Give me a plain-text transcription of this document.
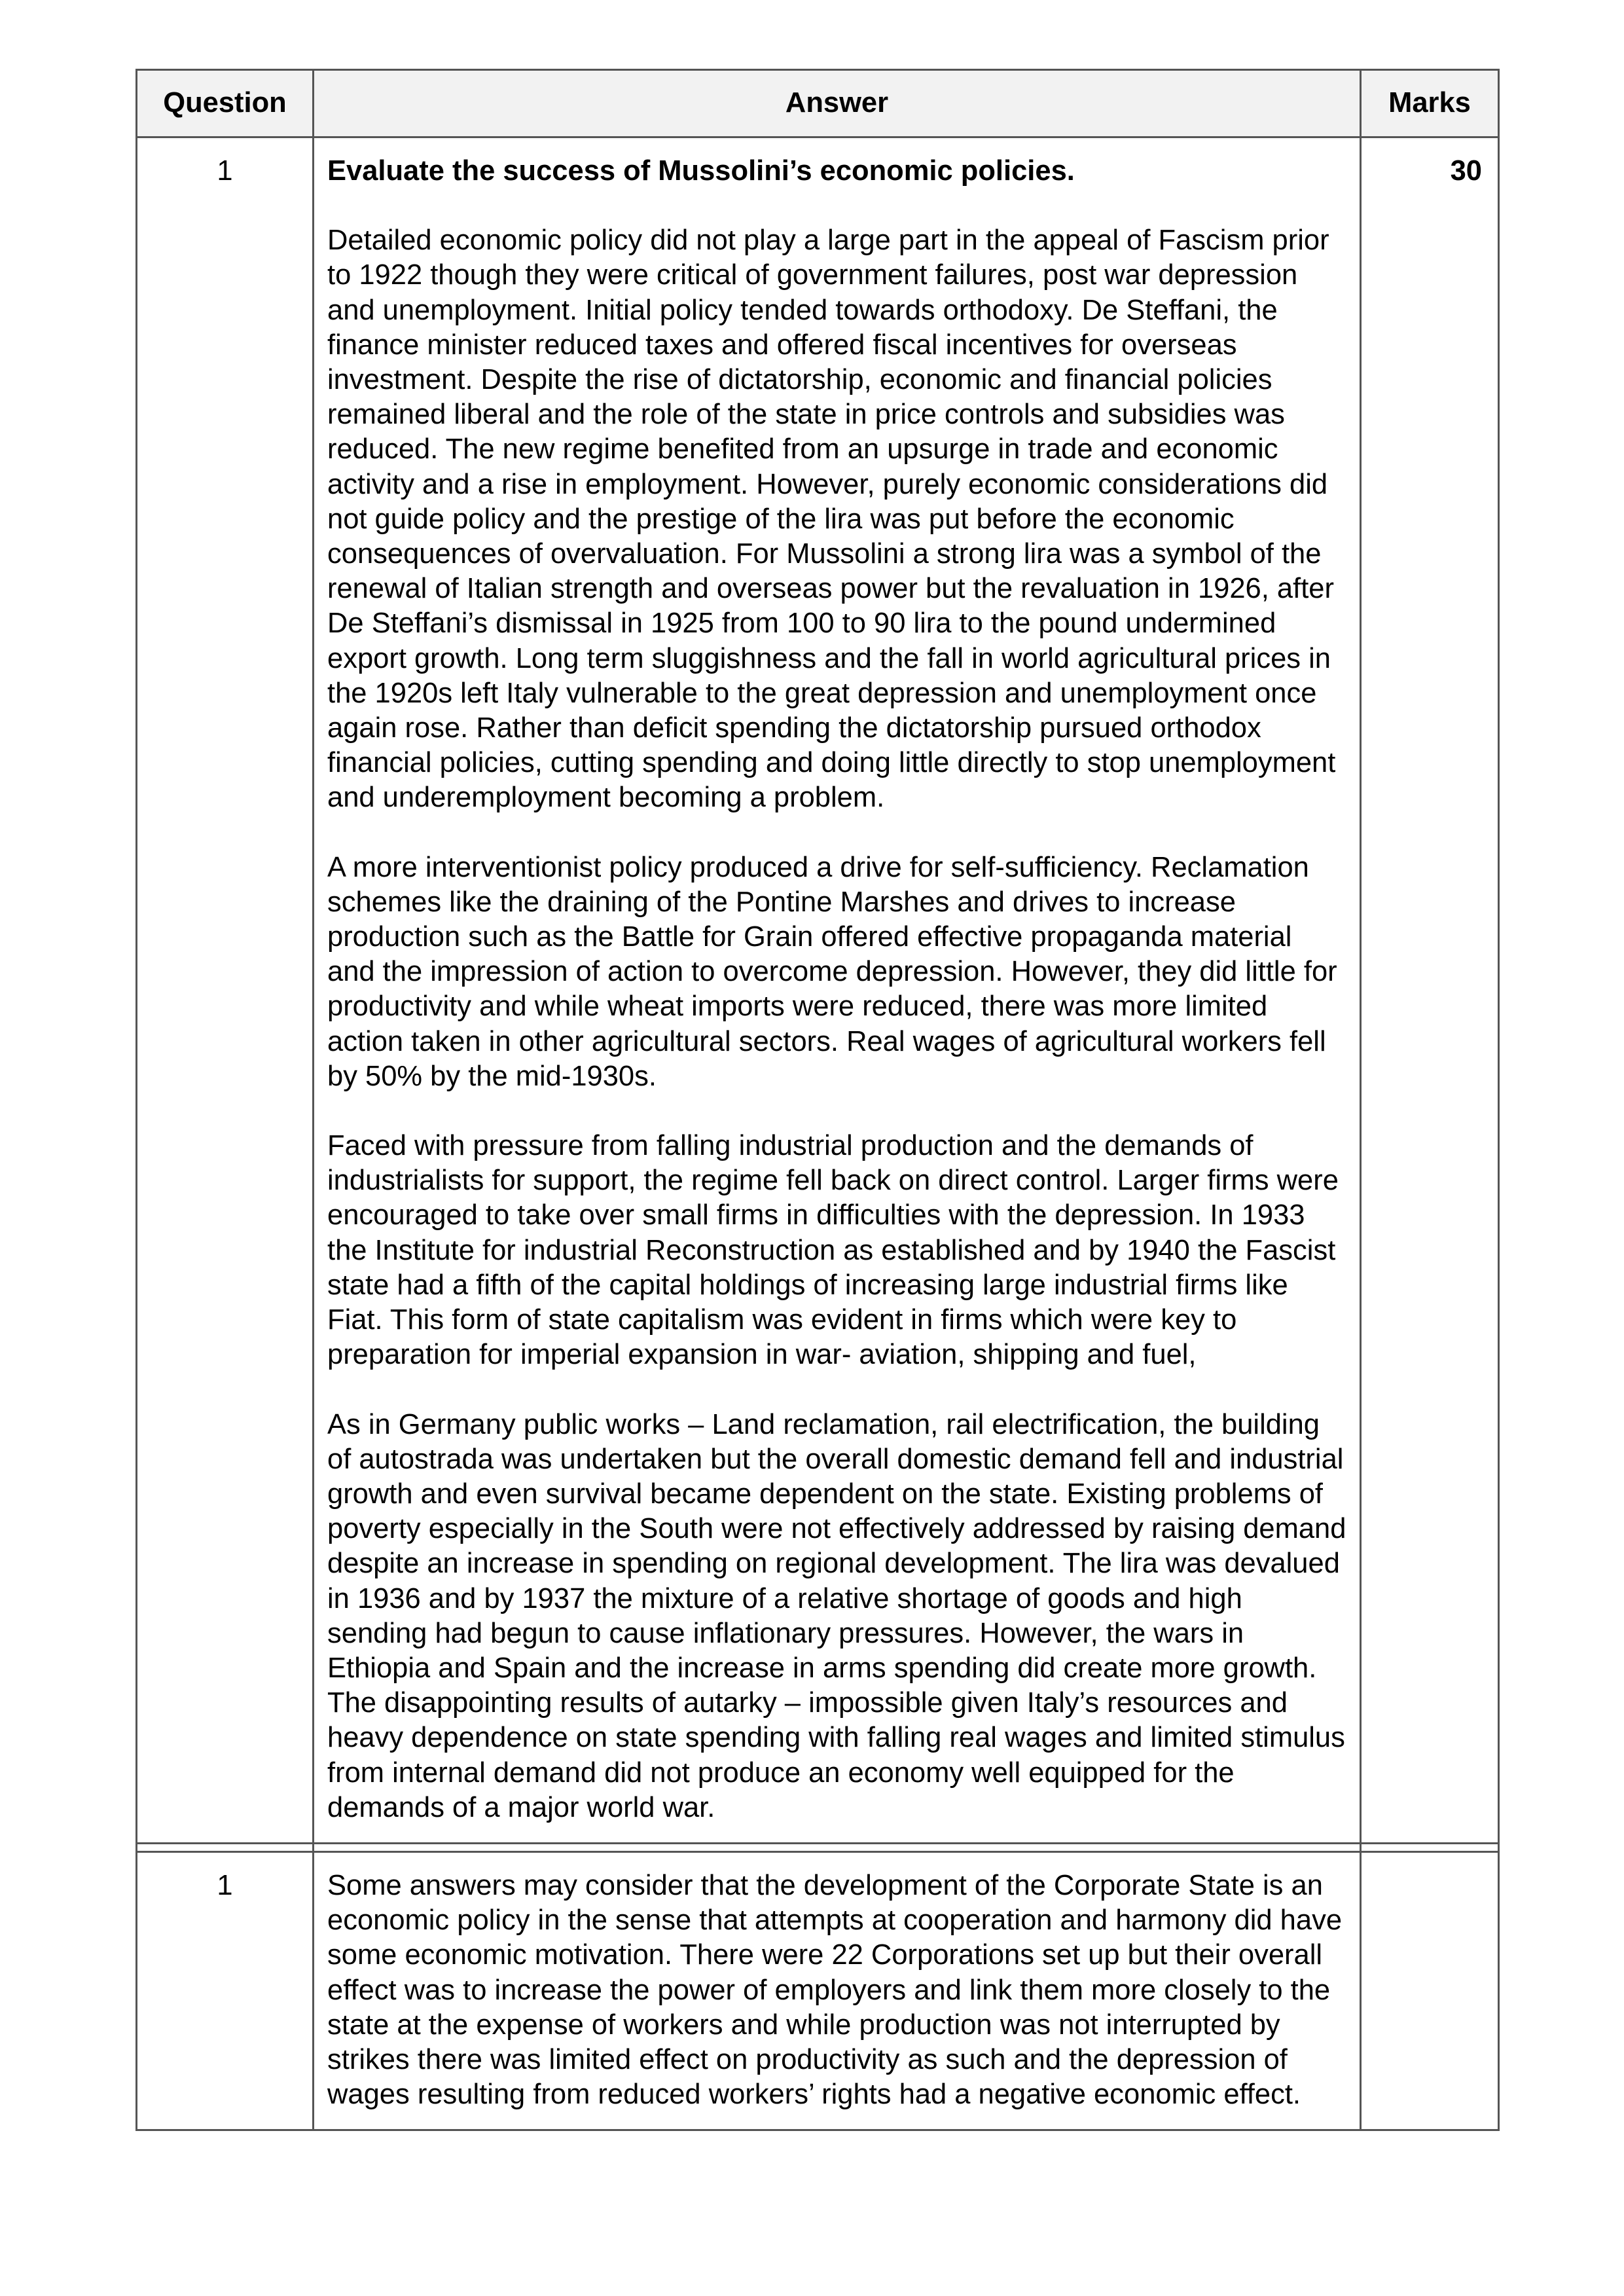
Question	Answer	Marks
1	Evaluate the success of Mussolini’s economic policies.

Detailed economic policy did not play a large part in the appeal of Fascism prior to 1922 though they were critical of government failures, post war depression and unemployment. Initial policy tended towards orthodoxy. De Steffani, the finance minister reduced taxes and offered fiscal incentives for overseas investment. Despite the rise of dictatorship, economic and financial policies remained liberal and the role of the state in price controls and subsidies was reduced. The new regime benefited from an upsurge in trade and economic activity and a rise in employment. However, purely economic considerations did not guide policy and the prestige of the lira was put before the economic consequences of overvaluation. For Mussolini a strong lira was a symbol of the renewal of Italian strength and overseas power but the revaluation in 1926, after De Steffani’s dismissal in 1925 from 100 to 90 lira to the pound undermined export growth. Long term sluggishness and the fall in world agricultural prices in the 1920s left Italy vulnerable to the great depression and unemployment once again rose. Rather than deficit spending the dictatorship pursued orthodox financial policies, cutting spending and doing little directly to stop unemployment and underemployment becoming a problem.

A more interventionist policy produced a drive for self-sufficiency. Reclamation schemes like the draining of the Pontine Marshes and drives to increase production such as the Battle for Grain offered effective propaganda material and the impression of action to overcome depression. However, they did little for productivity and while wheat imports were reduced, there was more limited action taken in other agricultural sectors. Real wages of agricultural workers fell by 50% by the mid-1930s.

Faced with pressure from falling industrial production and the demands of industrialists for support, the regime fell back on direct control. Larger firms were encouraged to take over small firms in difficulties with the depression. In 1933 the Institute for industrial Reconstruction as established and by 1940 the Fascist state had a fifth of the capital holdings of increasing large industrial firms like Fiat. This form of state capitalism was evident in firms which were key to preparation for imperial expansion in war- aviation, shipping and fuel,

As in Germany public works – Land reclamation, rail electrification, the building of autostrada was undertaken but the overall domestic demand fell and industrial growth and even survival became dependent on the state. Existing problems of poverty especially in the South were not effectively addressed by raising demand despite an increase in spending on regional development. The lira was devalued in 1936 and by 1937 the mixture of a relative shortage of goods and high sending had begun to cause inflationary pressures. However, the wars in Ethiopia and Spain and the increase in arms spending did create more growth. The disappointing results of autarky – impossible given Italy’s resources and heavy dependence on state spending with falling real wages and limited stimulus from internal demand did not produce an economy well equipped for the demands of a major world war.	30

1	Some answers may consider that the development of the Corporate State is an economic policy in the sense that attempts at cooperation and harmony did have some economic motivation. There were 22 Corporations set up but their overall effect was to increase the power of employers and link them more closely to the state at the expense of workers and while production was not interrupted by strikes there was limited effect on productivity as such and the depression of wages resulting from reduced workers’ rights had a negative economic effect.	
